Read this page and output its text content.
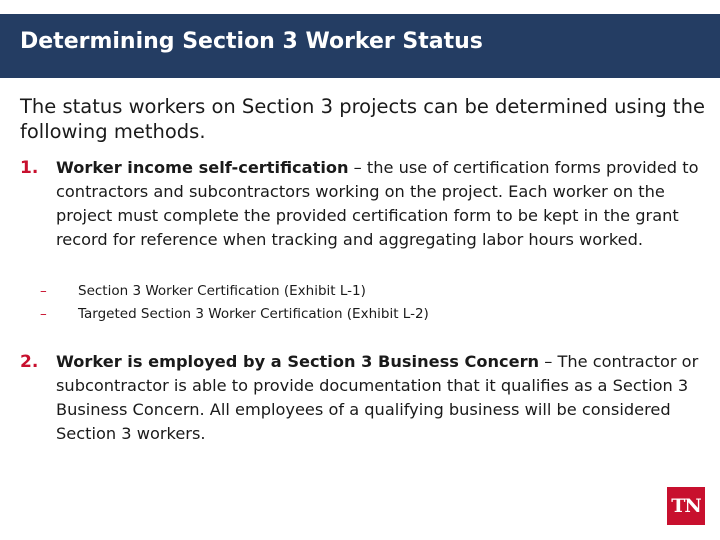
Determining Section 3 Worker Status
The status workers on Section 3 projects can be determined using the following methods.
1. Worker income self-certification – the use of certification forms provided to contractors and subcontractors working on the project. Each worker on the project must complete the provided certification form to be kept in the grant record for reference when tracking and aggregating labor hours worked.
– Section 3 Worker Certification (Exhibit L-1)
– Targeted Section 3 Worker Certification (Exhibit L-2)
2. Worker is employed by a Section 3 Business Concern – The contractor or subcontractor is able to provide documentation that it qualifies as a Section 3 Business Concern. All employees of a qualifying business will be considered Section 3 workers.
TN
